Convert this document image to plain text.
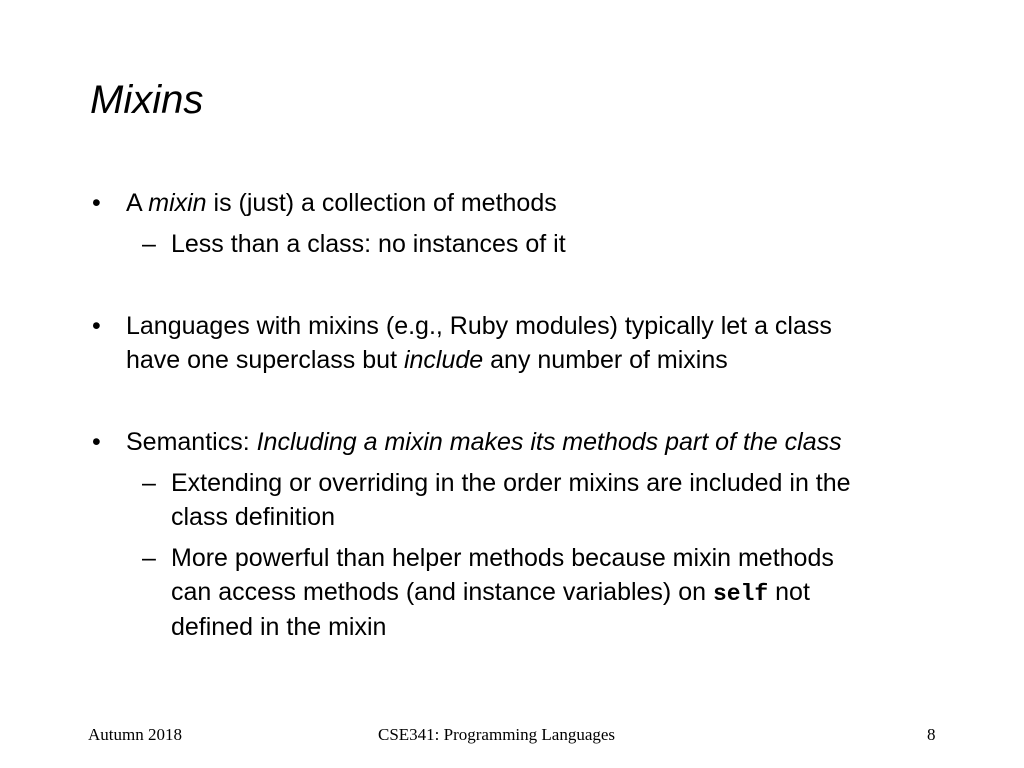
Mixins
• A mixin is (just) a collection of methods
– Less than a class: no instances of it
• Languages with mixins (e.g., Ruby modules) typically let a class
have one superclass but include any number of mixins
• Semantics: Including a mixin makes its methods part of the class
– Extending or overriding in the order mixins are included in the
class definition
– More powerful than helper methods because mixin methods
can access methods (and instance variables) on self not
defined in the mixin
Autumn 2018	CSE341: Programming Languages	8
